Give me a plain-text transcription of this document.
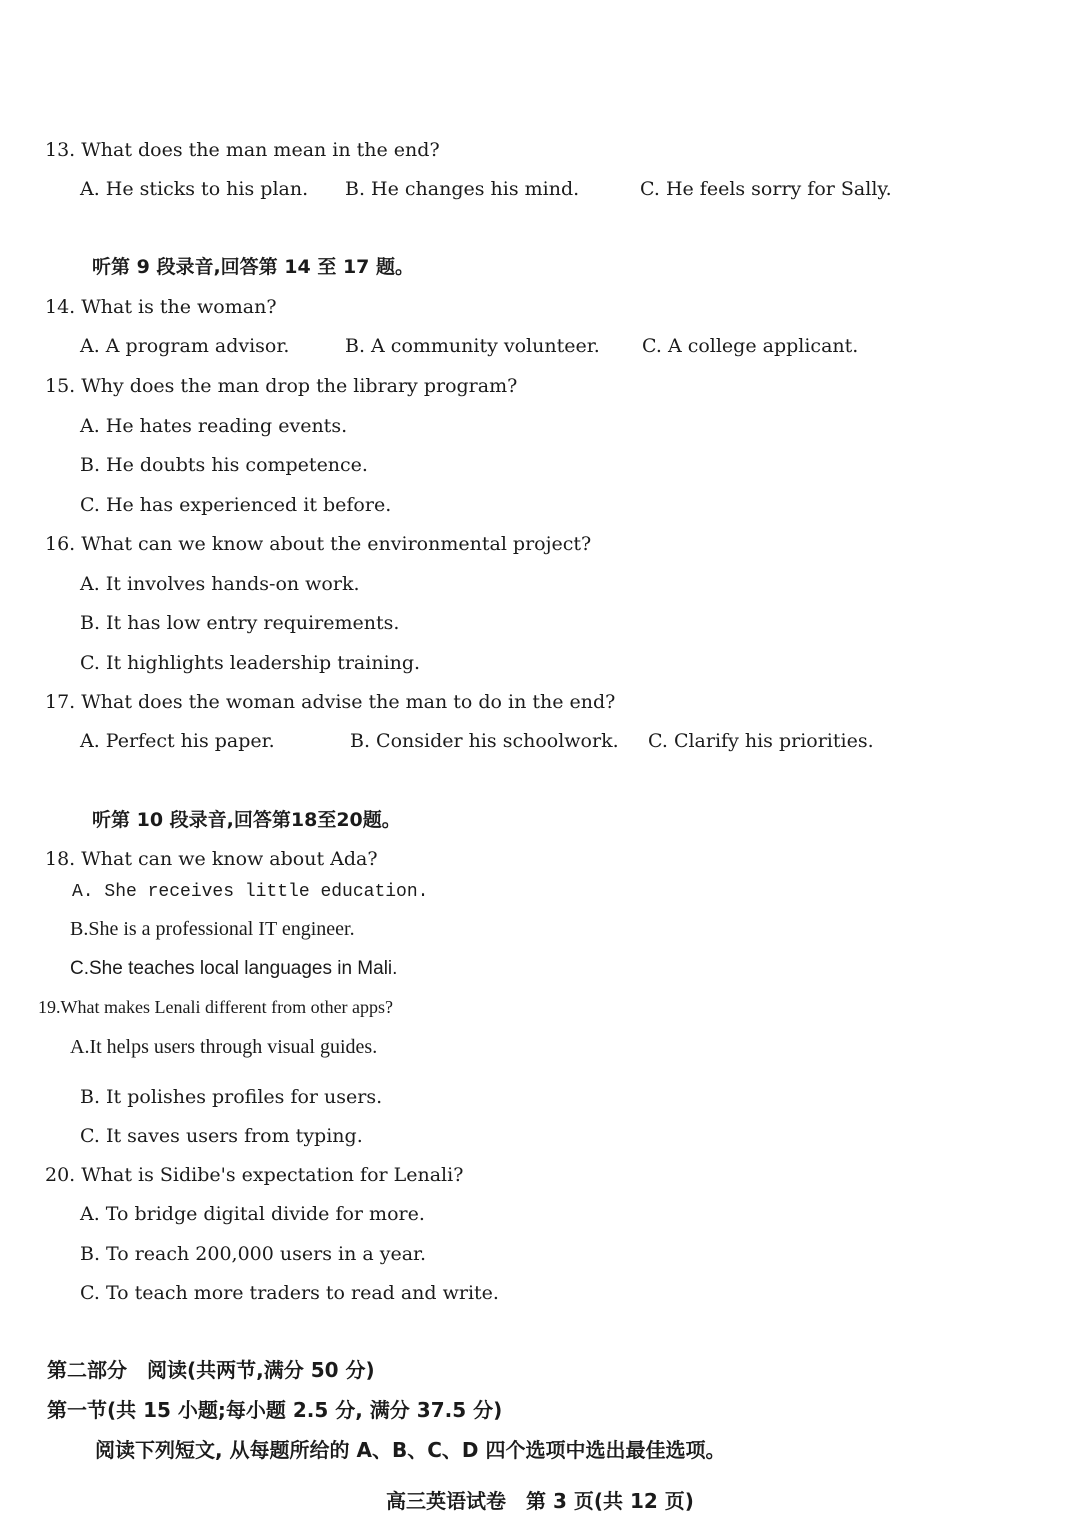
13. What does the man mean in the end?
A. He sticks to his plan. B. He changes his mind.	C. He feels sorry for Sally.
听第 9 段录音,回答第 14 至 17 题。
14. What is the woman?
A. A program advisor.	B. A community volunteer. C. A college applicant.
15. Why does the man drop the library program?
A. He hates reading events.
B. He doubts his competence.
C. He has experienced it before.
16. What can we know about the environmental project?
A. It involves hands-on work.
B. It has low entry requirements.
C. It highlights leadership training.
17. What does the woman advise the man to do in the end?
A. Perfect his paper.	B. Consider his schoolwork. C. Clarify his priorities.
听第 10 段录音,回答第18至20题。
18. What can we know about Ada?
A. She receives little education.
B.She is a professional IT engineer.
C.She teaches local languages in Mali.
19.What makes Lenali different from other apps?
A.It helps users through visual guides.
B. It polishes profiles for users.
C. It saves users from typing.
20. What is Sidibe's expectation for Lenali?
A. To bridge digital divide for more.
B. To reach 200,000 users in a year.
C. To teach more traders to read and write.
第二部分　阅读(共两节,满分 50 分)
第一节(共 15 小题;每小题 2.5 分, 满分 37.5 分)
阅读下列短文, 从每题所给的 A、B、C、D 四个选项中选出最佳选项。
高三英语试卷　第 3 页(共 12 页)
